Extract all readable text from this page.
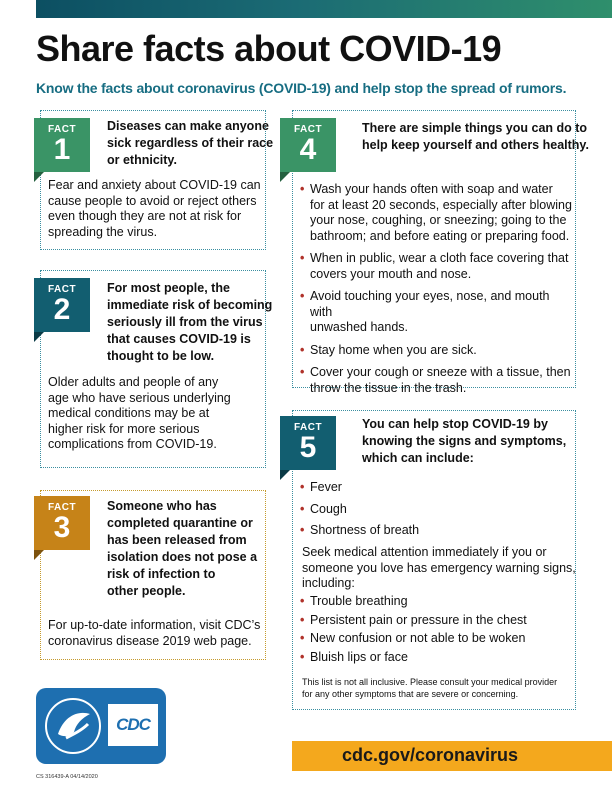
Share facts about COVID-19
Know the facts about coronavirus (COVID-19) and help stop the spread of rumors.
FACT
1
Diseases can make anyone
sick regardless of their race
or ethnicity.
Fear and anxiety about COVID-19 can
cause people to avoid or reject others
even though they are not at risk for
spreading the virus.
FACT
2
For most people, the
immediate risk of becoming
seriously ill from the virus
that causes COVID-19 is
thought to be low.
Older adults and people of any
age who have serious underlying
medical conditions may be at
higher risk for more serious
complications from COVID-19.
FACT
3
Someone who has
completed quarantine or
has been released from
isolation does not pose a
risk of infection to
other people.
For up-to-date information, visit CDC’s
coronavirus disease 2019 web page.
FACT
4
There are simple things you can do to
help keep yourself and others healthy.
• Wash your hands often with soap and water
for at least 20 seconds, especially after blowing
your nose, coughing, or sneezing; going to the
bathroom; and before eating or preparing food.
• When in public, wear a cloth face covering that
covers your mouth and nose.
• Avoid touching your eyes, nose, and mouth with
unwashed hands.
• Stay home when you are sick.
• Cover your cough or sneeze with a tissue, then
throw the tissue in the trash.
FACT
5
You can help stop COVID-19 by
knowing the signs and symptoms,
which can include:
• Fever
• Cough
• Shortness of breath
Seek medical attention immediately if you or
someone you love has emergency warning signs,
including:
• Trouble breathing
• Persistent pain or pressure in the chest
• New confusion or not able to be woken
• Bluish lips or face
This list is not all inclusive. Please consult your medical provider
for any other symptoms that are severe or concerning.
CDC
CS 316439-A 04/14/2020
cdc.gov/coronavirus
